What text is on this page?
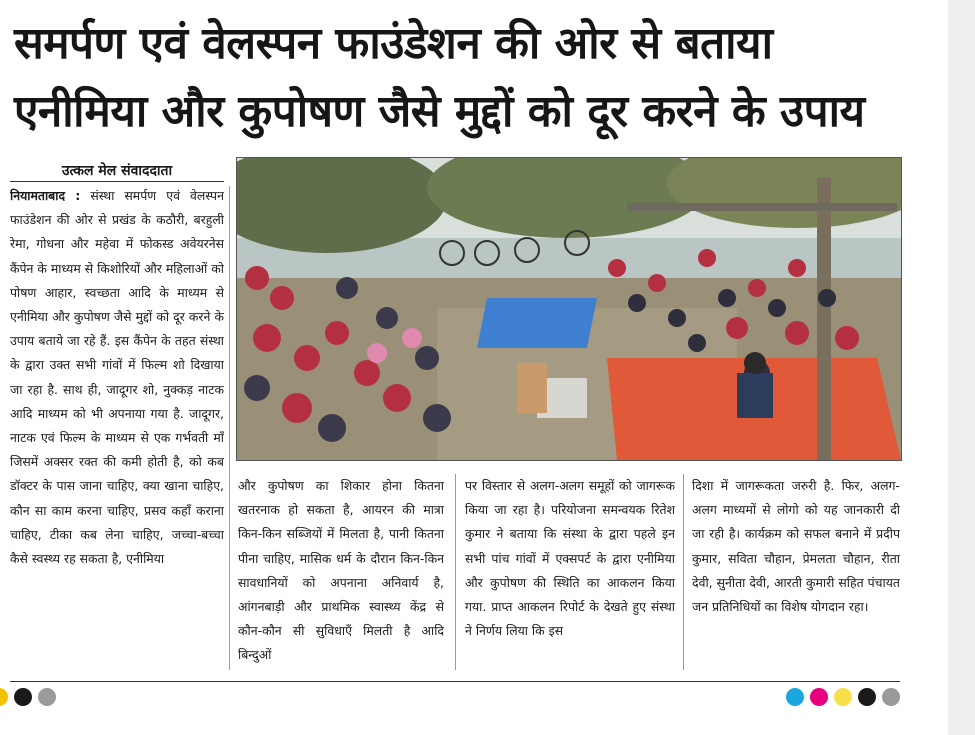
समर्पण एवं वेलस्पन फाउंडेशन की ओर से बताया
एनीमिया और कुपोषण जैसे मुद्दों को दूर करने के उपाय
उत्कल मेल संवाददाता

नियामताबाद : संस्था समर्पण एवं वेलस्पन फाउंडेशन की ओर से प्रखंड के कठौरी, बरहुली रेमा, गोधना और महेवा में फोकस्ड अवेयरनेस कैंपेन के माध्यम से किशोरियों और महिलाओं को पोषण आहार, स्वच्छता आदि के माध्यम से एनीमिया और कुपोषण जैसे मुद्दों को दूर करने के उपाय बताये जा रहे हैं. इस कैंपेन के तहत संस्था के द्वारा उक्त सभी गांवों में फिल्म शो दिखाया जा रहा है. साथ ही, जादूगर शो, नुक्कड़ नाटक आदि माध्यम को भी अपनाया गया है. जादूगर, नाटक एवं फिल्म के माध्यम से एक गर्भवती माँ जिसमें अक्सर रक्त की कमी होती है, को कब डॉक्टर के पास जाना चाहिए, क्या खाना चाहिए, कौन सा काम करना चाहिए, प्रसव कहाँ कराना चाहिए, टीका कब लेना चाहिए, जच्चा-बच्चा कैसे स्वस्थ्य रह सकता है, एनीमिया

और कुपोषण का शिकार होना कितना खतरनाक हो सकता है, आयरन की मात्रा किन-किन सब्जियों में मिलता है, पानी कितना पीना चाहिए, मासिक धर्म के दौरान किन-किन सावधानियों को अपनाना अनिवार्य है, आंगनबाड़ी और प्राथमिक स्वास्थ्य केंद्र से कौन-कौन सी सुविधाएँ मिलती है आदि बिन्दुओं

पर विस्तार से अलग-अलग समूहों को जागरूक किया जा रहा है। परियोजना समन्वयक रितेश कुमार ने बताया कि संस्था के द्वारा पहले इन सभी पांच गांवों में एक्सपर्ट के द्वारा एनीमिया और कुपोषण की स्थिति का आकलन किया गया. प्राप्त आकलन रिपोर्ट के देखते हुए संस्था ने निर्णय लिया कि इस

दिशा में जागरूकता जरुरी है. फिर, अलग-अलग माध्यमों से लोगो को यह जानकारी दी जा रही है। कार्यक्रम को सफल बनाने में प्रदीप कुमार, सविता चौहान, प्रेमलता चौहान, रीता देवी, सुनीता देवी, आरती कुमारी सहित पंचायत जन प्रतिनिधियों का विशेष योगदान रहा।
